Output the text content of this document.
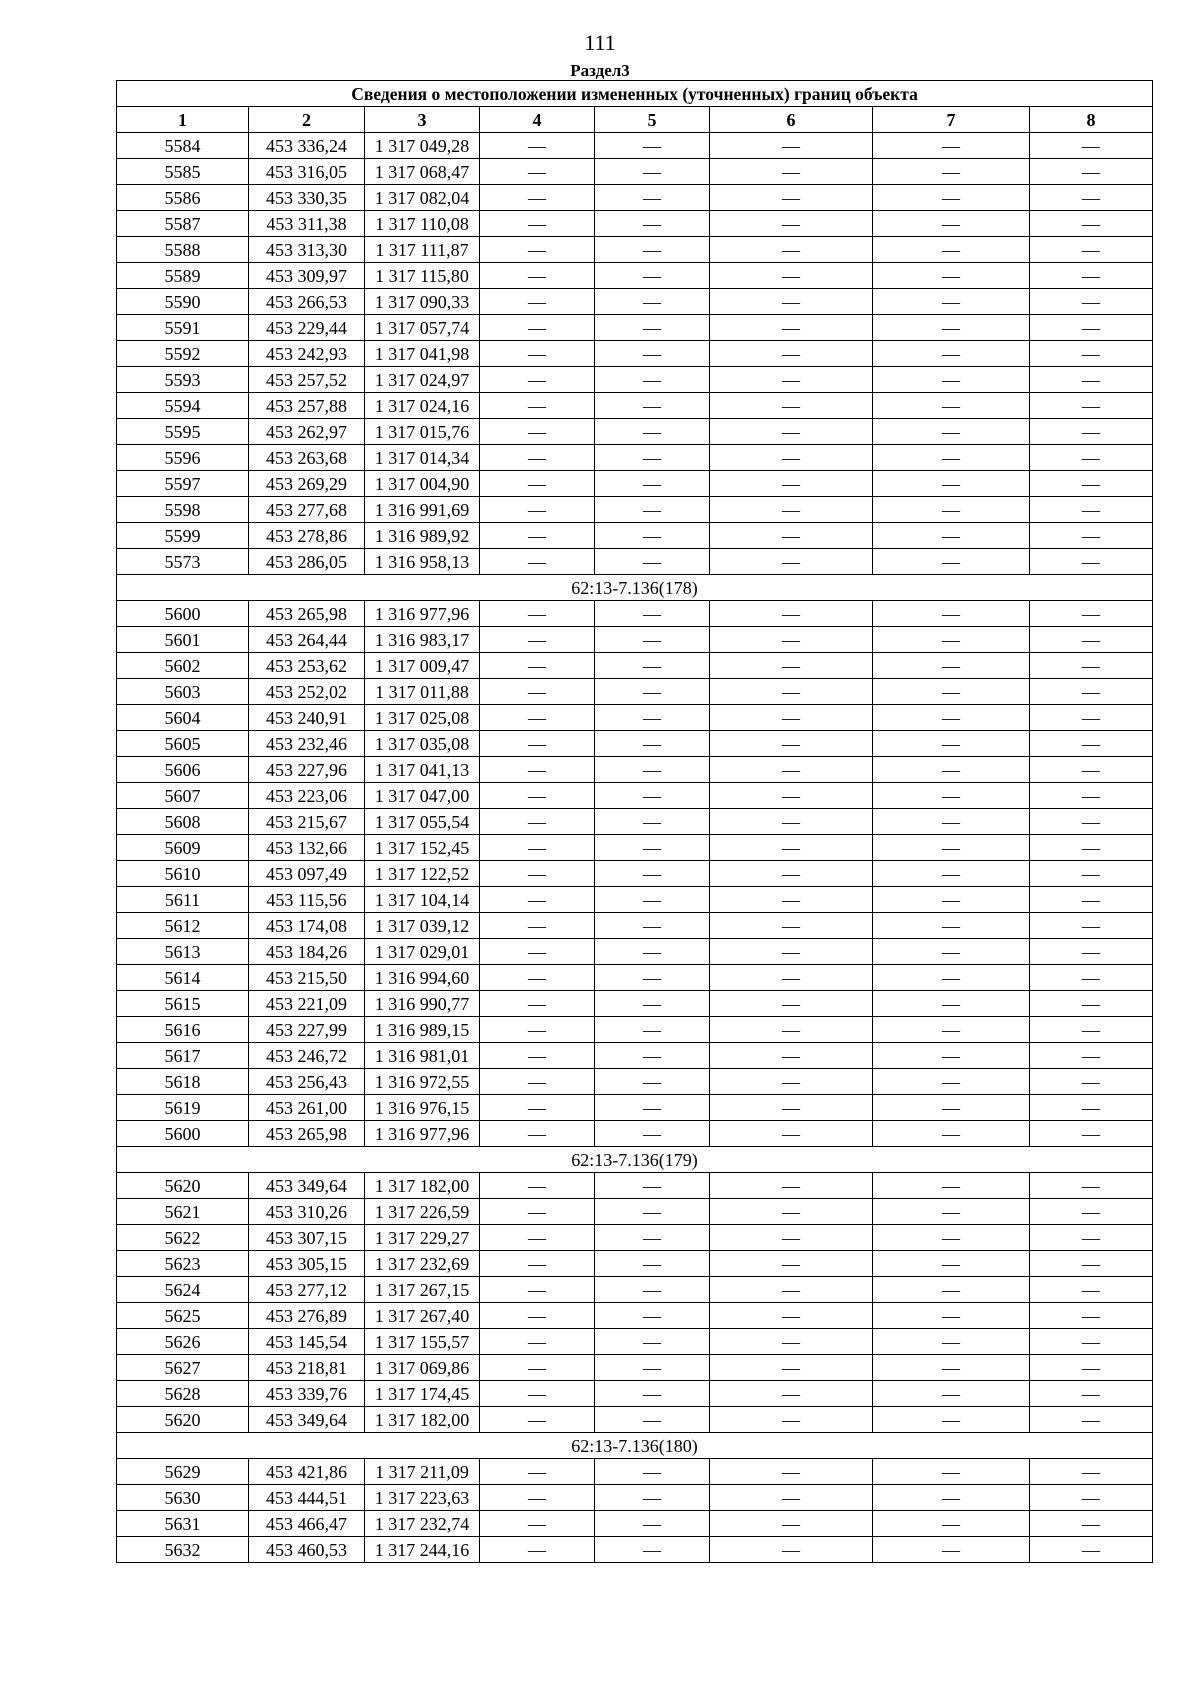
111
Раздел3
Сведения о местоположении измененных (уточненных) границ объекта							
1	2	3	4	5	6	7	8
5584	453 336,24	1 317 049,28	—	—	—	—	—
5585	453 316,05	1 317 068,47	—	—	—	—	—
5586	453 330,35	1 317 082,04	—	—	—	—	—
5587	453 311,38	1 317 110,08	—	—	—	—	—
5588	453 313,30	1 317 111,87	—	—	—	—	—
5589	453 309,97	1 317 115,80	—	—	—	—	—
5590	453 266,53	1 317 090,33	—	—	—	—	—
5591	453 229,44	1 317 057,74	—	—	—	—	—
5592	453 242,93	1 317 041,98	—	—	—	—	—
5593	453 257,52	1 317 024,97	—	—	—	—	—
5594	453 257,88	1 317 024,16	—	—	—	—	—
5595	453 262,97	1 317 015,76	—	—	—	—	—
5596	453 263,68	1 317 014,34	—	—	—	—	—
5597	453 269,29	1 317 004,90	—	—	—	—	—
5598	453 277,68	1 316 991,69	—	—	—	—	—
5599	453 278,86	1 316 989,92	—	—	—	—	—
5573	453 286,05	1 316 958,13	—	—	—	—	—
62:13-7.136(178)							
5600	453 265,98	1 316 977,96	—	—	—	—	—
5601	453 264,44	1 316 983,17	—	—	—	—	—
5602	453 253,62	1 317 009,47	—	—	—	—	—
5603	453 252,02	1 317 011,88	—	—	—	—	—
5604	453 240,91	1 317 025,08	—	—	—	—	—
5605	453 232,46	1 317 035,08	—	—	—	—	—
5606	453 227,96	1 317 041,13	—	—	—	—	—
5607	453 223,06	1 317 047,00	—	—	—	—	—
5608	453 215,67	1 317 055,54	—	—	—	—	—
5609	453 132,66	1 317 152,45	—	—	—	—	—
5610	453 097,49	1 317 122,52	—	—	—	—	—
5611	453 115,56	1 317 104,14	—	—	—	—	—
5612	453 174,08	1 317 039,12	—	—	—	—	—
5613	453 184,26	1 317 029,01	—	—	—	—	—
5614	453 215,50	1 316 994,60	—	—	—	—	—
5615	453 221,09	1 316 990,77	—	—	—	—	—
5616	453 227,99	1 316 989,15	—	—	—	—	—
5617	453 246,72	1 316 981,01	—	—	—	—	—
5618	453 256,43	1 316 972,55	—	—	—	—	—
5619	453 261,00	1 316 976,15	—	—	—	—	—
5600	453 265,98	1 316 977,96	—	—	—	—	—
62:13-7.136(179)							
5620	453 349,64	1 317 182,00	—	—	—	—	—
5621	453 310,26	1 317 226,59	—	—	—	—	—
5622	453 307,15	1 317 229,27	—	—	—	—	—
5623	453 305,15	1 317 232,69	—	—	—	—	—
5624	453 277,12	1 317 267,15	—	—	—	—	—
5625	453 276,89	1 317 267,40	—	—	—	—	—
5626	453 145,54	1 317 155,57	—	—	—	—	—
5627	453 218,81	1 317 069,86	—	—	—	—	—
5628	453 339,76	1 317 174,45	—	—	—	—	—
5620	453 349,64	1 317 182,00	—	—	—	—	—
62:13-7.136(180)							
5629	453 421,86	1 317 211,09	—	—	—	—	—
5630	453 444,51	1 317 223,63	—	—	—	—	—
5631	453 466,47	1 317 232,74	—	—	—	—	—
5632	453 460,53	1 317 244,16	—	—	—	—	—
